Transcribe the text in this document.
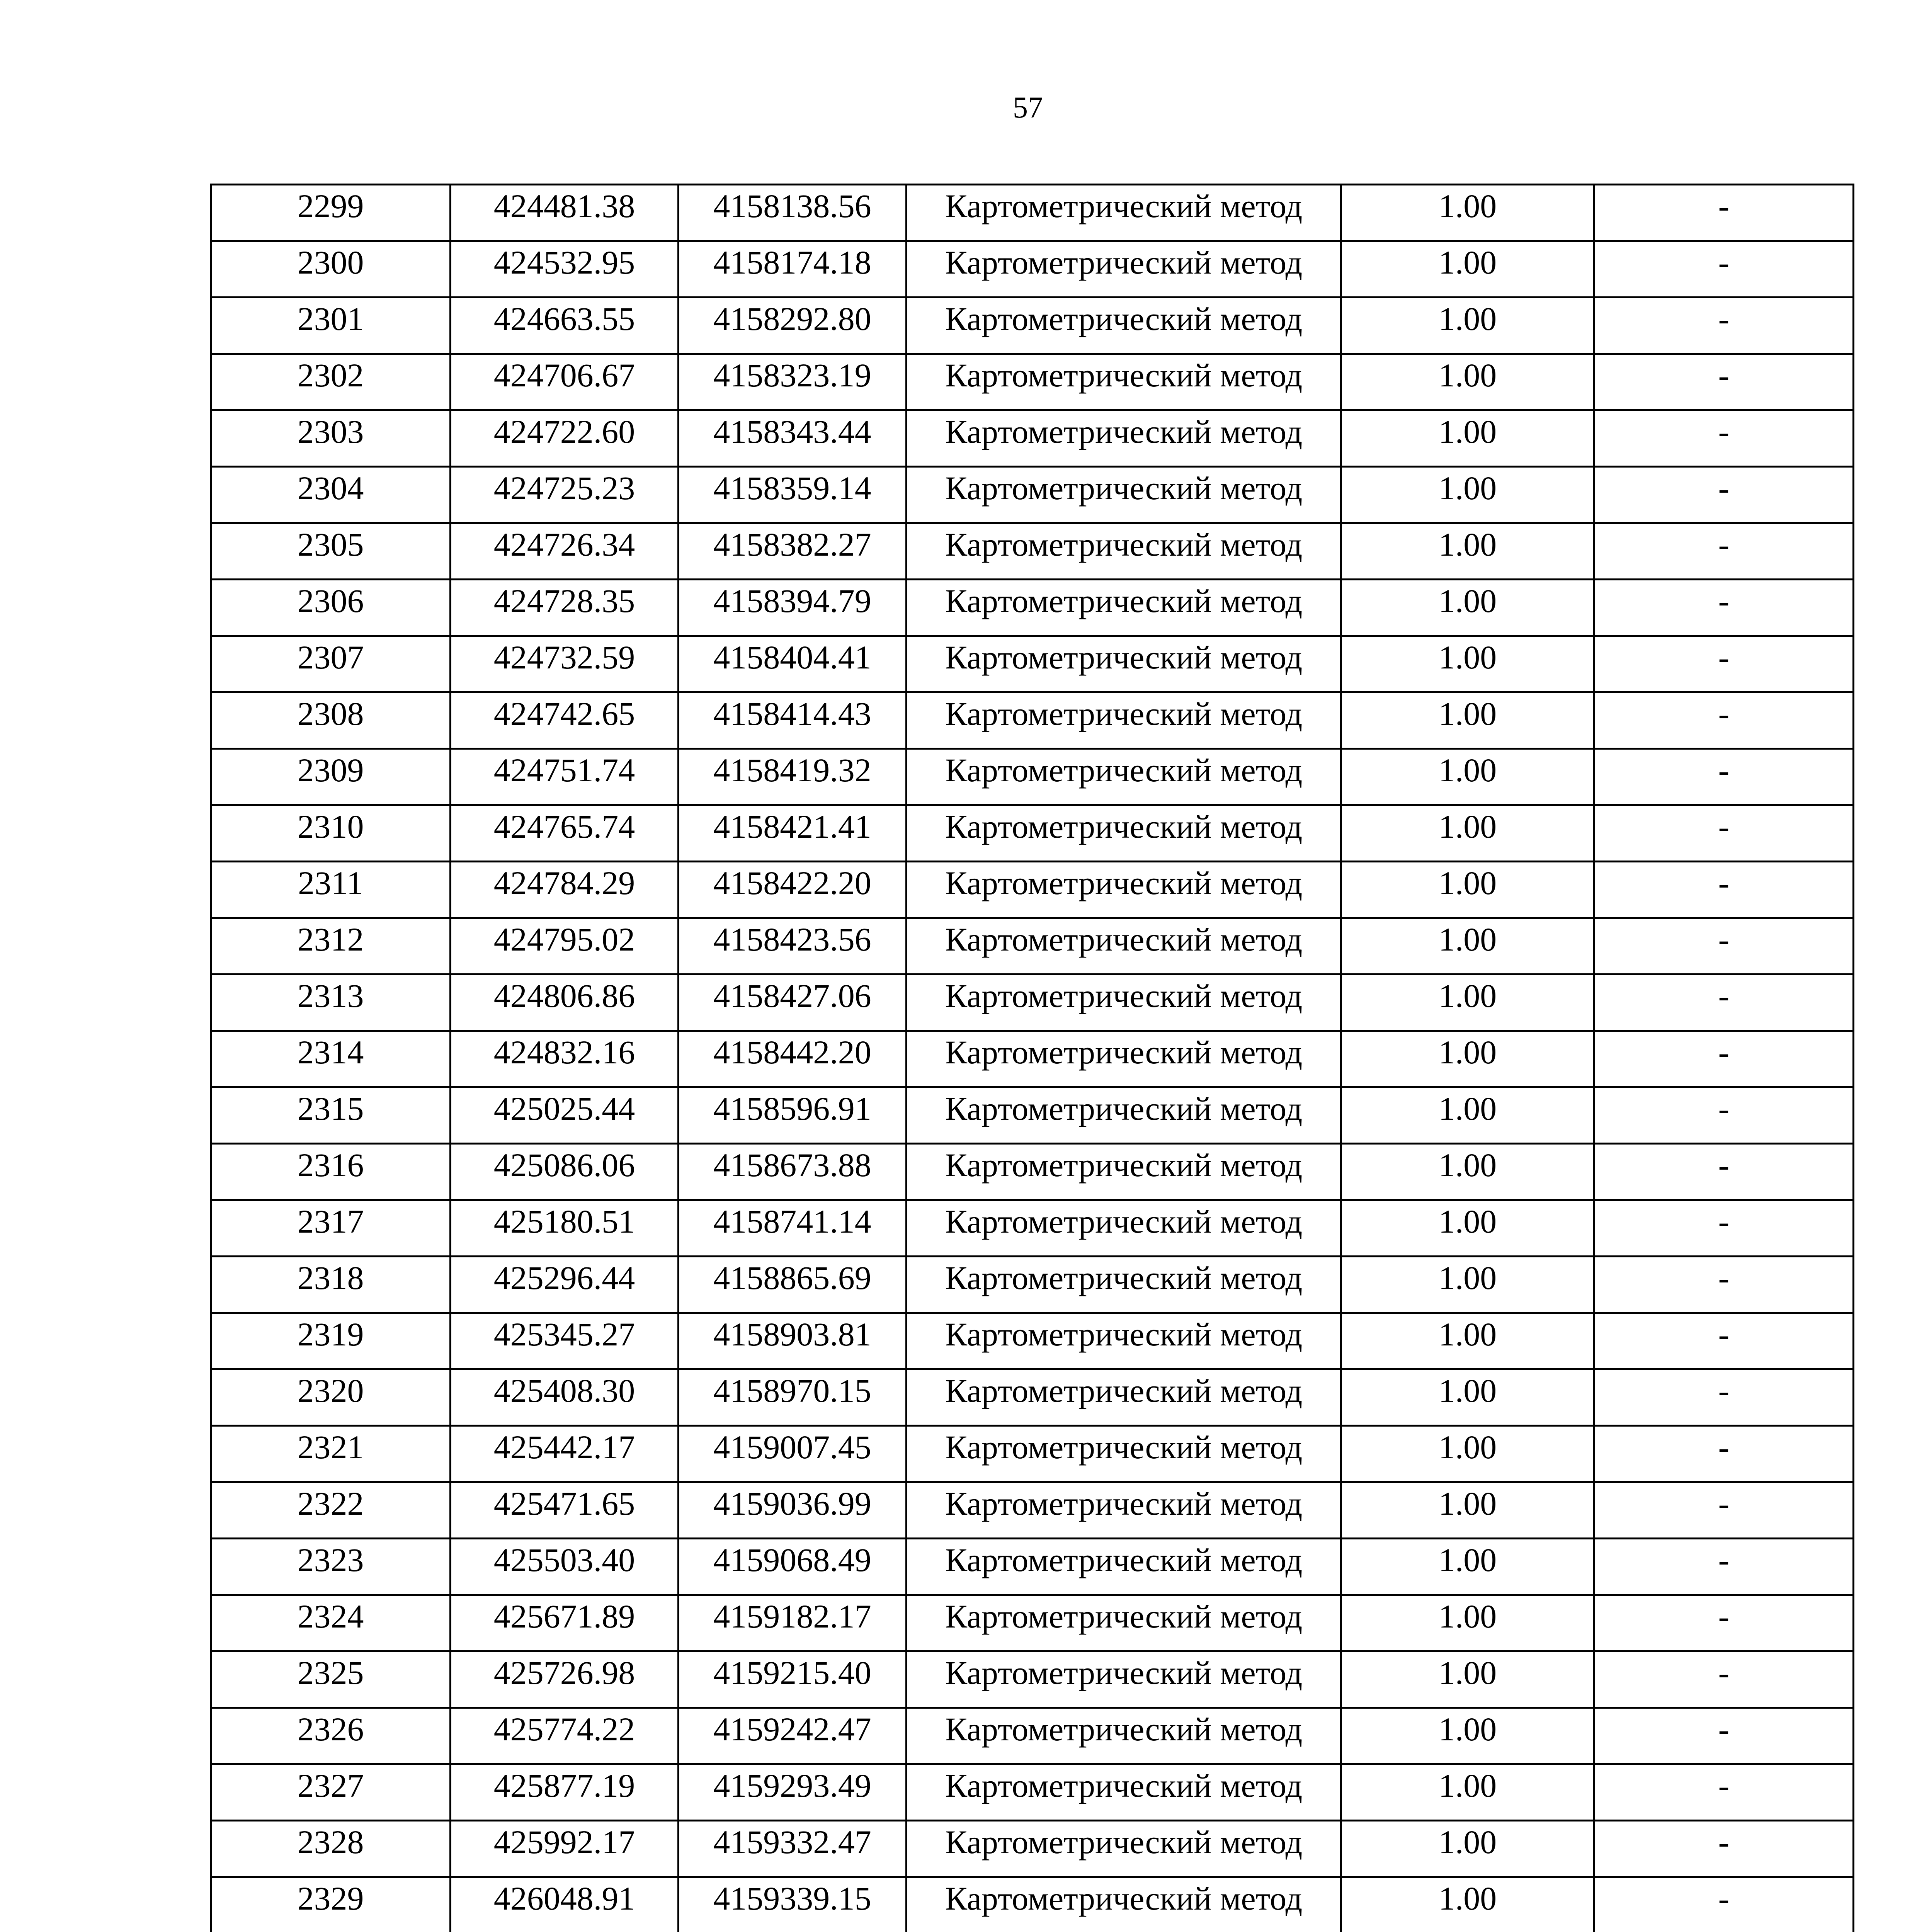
57
2299	424481.38	4158138.56	Картометрический метод	1.00	-
2300	424532.95	4158174.18	Картометрический метод	1.00	-
2301	424663.55	4158292.80	Картометрический метод	1.00	-
2302	424706.67	4158323.19	Картометрический метод	1.00	-
2303	424722.60	4158343.44	Картометрический метод	1.00	-
2304	424725.23	4158359.14	Картометрический метод	1.00	-
2305	424726.34	4158382.27	Картометрический метод	1.00	-
2306	424728.35	4158394.79	Картометрический метод	1.00	-
2307	424732.59	4158404.41	Картометрический метод	1.00	-
2308	424742.65	4158414.43	Картометрический метод	1.00	-
2309	424751.74	4158419.32	Картометрический метод	1.00	-
2310	424765.74	4158421.41	Картометрический метод	1.00	-
2311	424784.29	4158422.20	Картометрический метод	1.00	-
2312	424795.02	4158423.56	Картометрический метод	1.00	-
2313	424806.86	4158427.06	Картометрический метод	1.00	-
2314	424832.16	4158442.20	Картометрический метод	1.00	-
2315	425025.44	4158596.91	Картометрический метод	1.00	-
2316	425086.06	4158673.88	Картометрический метод	1.00	-
2317	425180.51	4158741.14	Картометрический метод	1.00	-
2318	425296.44	4158865.69	Картометрический метод	1.00	-
2319	425345.27	4158903.81	Картометрический метод	1.00	-
2320	425408.30	4158970.15	Картометрический метод	1.00	-
2321	425442.17	4159007.45	Картометрический метод	1.00	-
2322	425471.65	4159036.99	Картометрический метод	1.00	-
2323	425503.40	4159068.49	Картометрический метод	1.00	-
2324	425671.89	4159182.17	Картометрический метод	1.00	-
2325	425726.98	4159215.40	Картометрический метод	1.00	-
2326	425774.22	4159242.47	Картометрический метод	1.00	-
2327	425877.19	4159293.49	Картометрический метод	1.00	-
2328	425992.17	4159332.47	Картометрический метод	1.00	-
2329	426048.91	4159339.15	Картометрический метод	1.00	-
